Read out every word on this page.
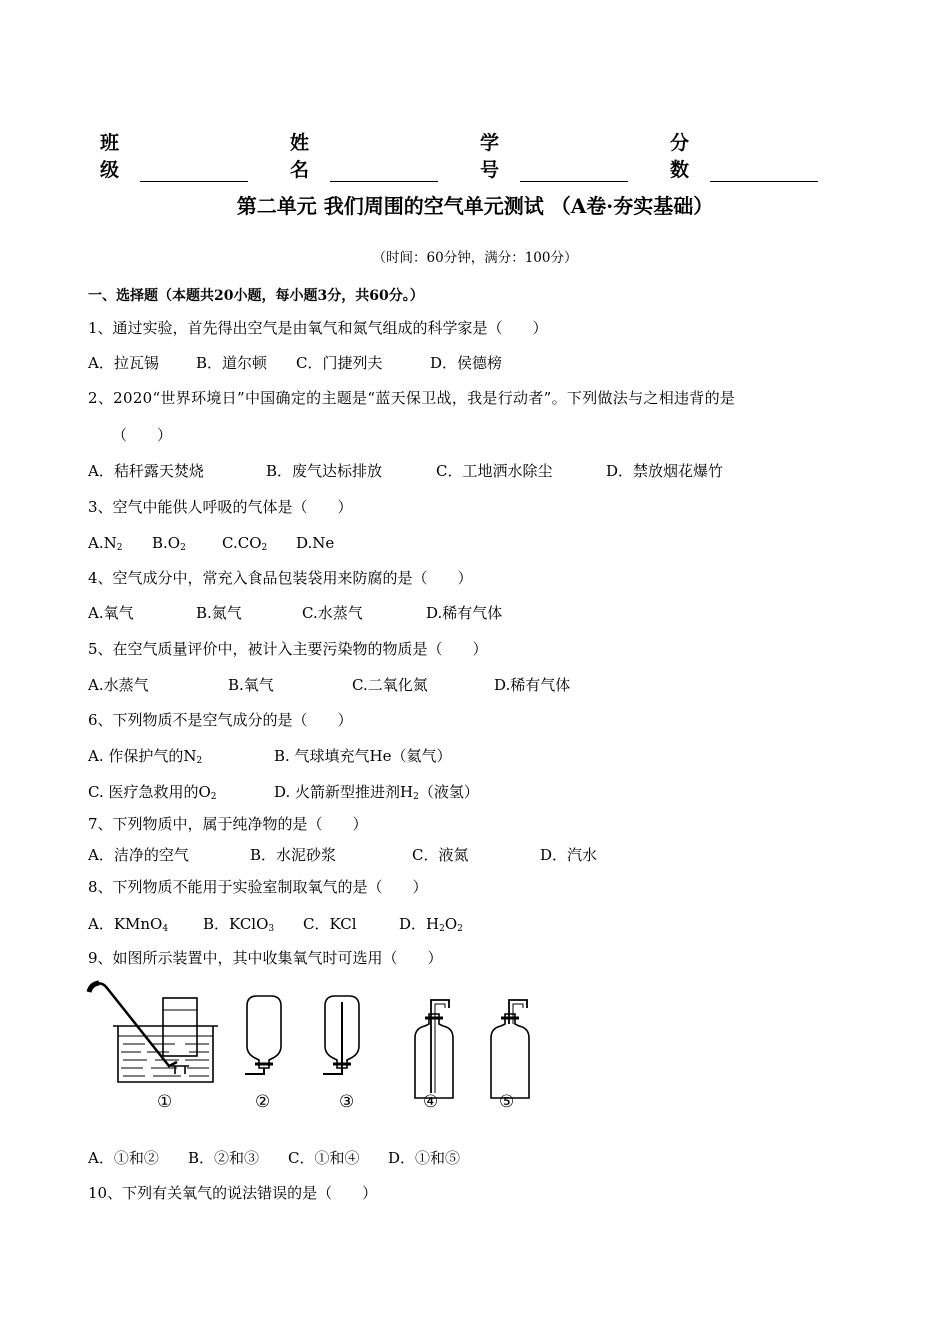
班级
姓名
学号
分数
第二单元 我们周围的空气单元测试 （A卷·夯实基础）
（时间：60分钟，满分：100分）
一、选择题（本题共20小题，每小题3分，共60分。）
1、通过实验，首先得出空气是由氧气和氮气组成的科学家是（　　）
A．拉瓦锡	B．道尔顿	C．门捷列夫	D．侯德榜
2、2020“世界环境日”中国确定的主题是“蓝天保卫战，我是行动者”。下列做法与之相违背的是
（　　）
A．秸秆露天焚烧	B．废气达标排放	C．工地洒水除尘	D．禁放烟花爆竹
3、空气中能供人呼吸的气体是（　　）
$A.N_2$	$B.O_2$	$C.CO_2$	D.Ne
4、空气成分中，常充入食品包装袋用来防腐的是（　　）
A.氧气	B.氮气	C.水蒸气	D.稀有气体
5、在空气质量评价中，被计入主要污染物的物质是（　　）
A.水蒸气	B.氧气	C.二氧化氮	D.稀有气体
6、下列物质不是空气成分的是（　　）
A. 作保护气的$N_2$	B. 气球填充气He（氦气）
C. 医疗急救用的$O_2$	D. 火箭新型推进剂$H_2$（液氢）
7、下列物质中，属于纯净物的是（　　）
A．洁净的空气	B．水泥砂浆	C．液氮	D．汽水
8、下列物质不能用于实验室制取氧气的是（　　）
A．KMnO$_4$	B．KClO$_3$	C．KCl	D．$H_2O_2$
9、如图所示装置中，其中收集氧气时可选用（　　）
①	②	③	④	⑤
A．①和②	B．②和③	C．①和④	D．①和⑤
10、下列有关氧气的说法错误的是（　　）
